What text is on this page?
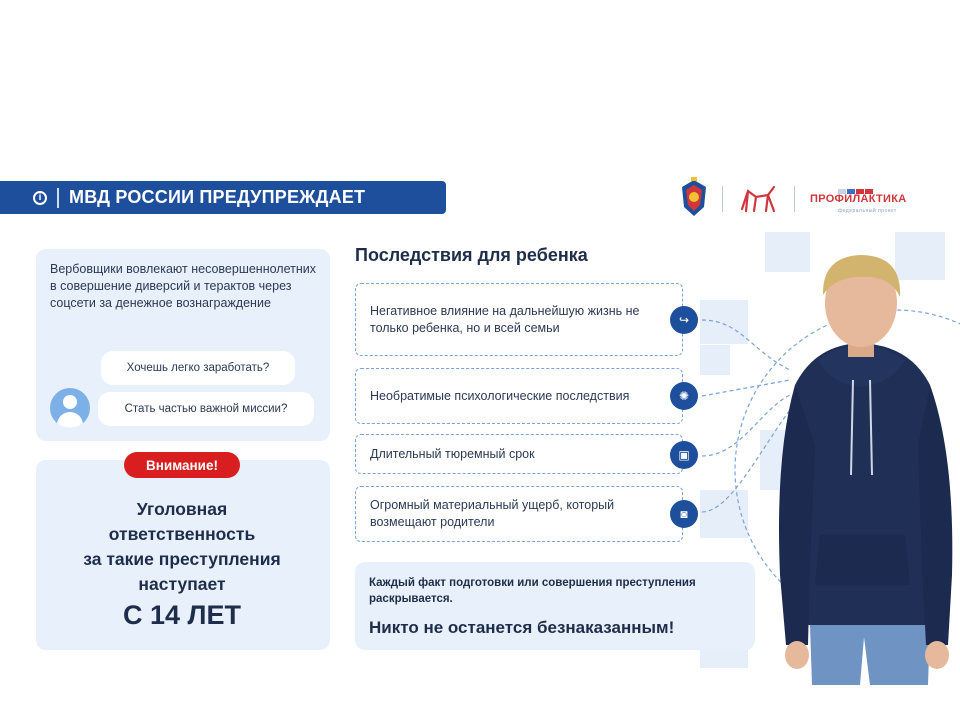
i	МВД РОССИИ ПРЕДУПРЕЖДАЕТ	ПРОФИЛАКТИКА
федеральный проект
Вербовщики вовлекают несовершеннолетних в совершение диверсий и терактов через соцсети за денежное вознаграждение
Хочешь легко заработать?
Стать частью важной миссии?
Внимание!
Уголовная
ответственность
за такие преступления
наступает
С 14 ЛЕТ
Последствия для ребенка
Негативное влияние на дальнейшую жизнь не только ребенка, но и всей семьи
↪
Необратимые психологические последствия	✺
Длительный тюремный срок	▣
Огромный материальный ущерб, который возмещают родители
◙
Каждый факт подготовки или совершения преступления раскрывается.
Никто не останется безнаказанным!
